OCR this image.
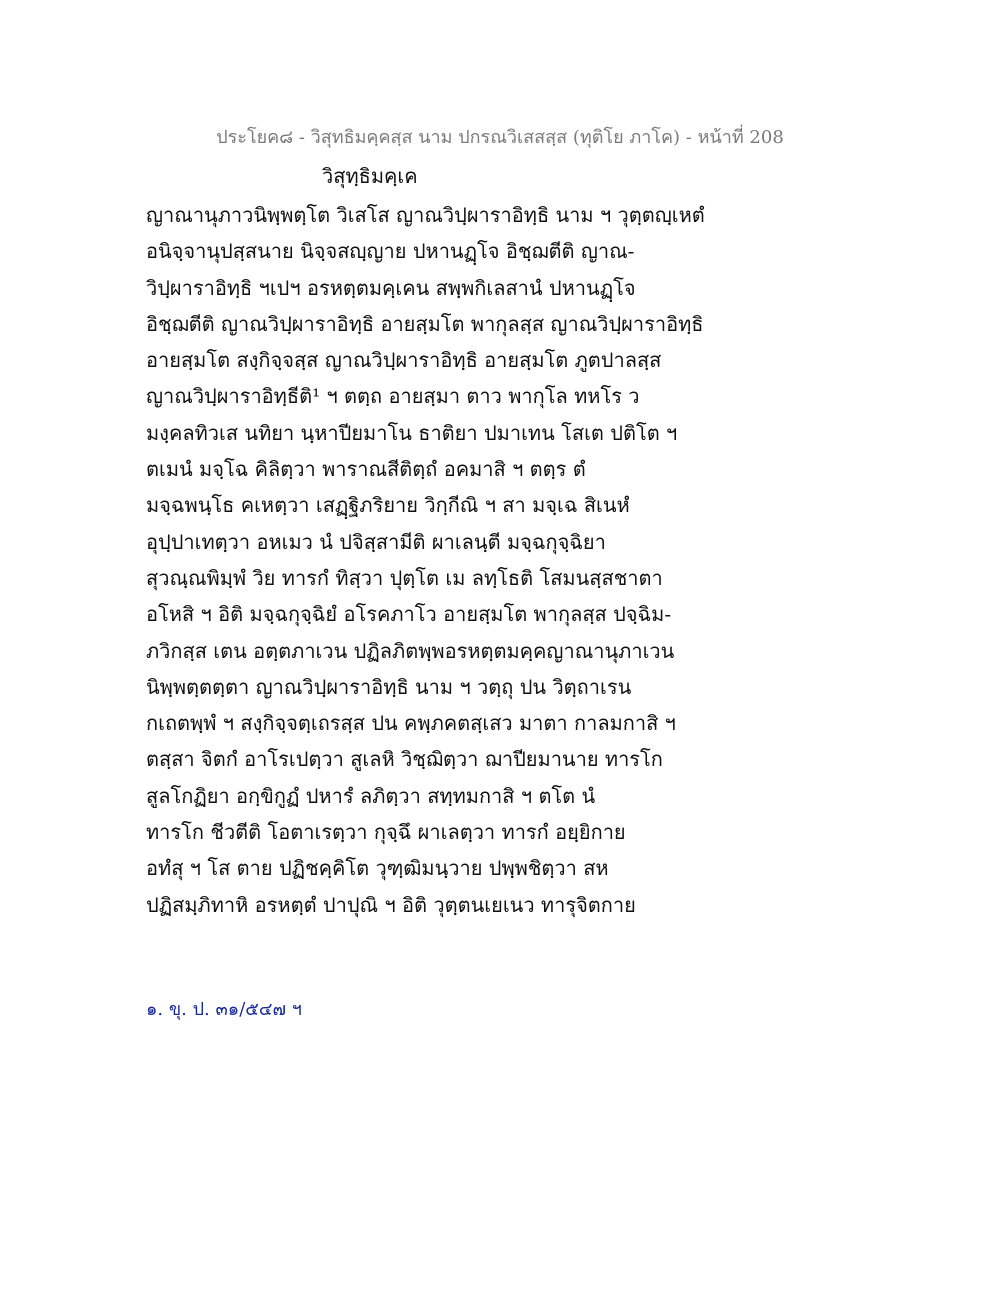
ประโยค๘ - วิสุทธิมคฺคสฺส นาม ปกรณวิเสสสฺส (ทุติโย ภาโค) - หน้าที่ 208
วิสุทฺธิมคฺเค
ญาณานุภาวนิพฺพตฺโต วิเสโส ญาณวิปฺผาราอิทฺธิ นาม ฯ วุตฺตญฺเหตํ
อนิจฺจานุปสฺสนาย นิจฺจสญฺญาย ปหานฏฺโจ อิชฺฌตีติ ญาณ-
วิปฺผาราอิทฺธิ ฯเปฯ อรหตฺตมคฺเคน สพฺพกิเลสานํ ปหานฏฺโจ
อิชฺฌตีติ ญาณวิปฺผาราอิทฺธิ อายสฺมโต พากุลสฺส ญาณวิปฺผาราอิทฺธิ
อายสฺมโต สงฺกิจฺจสฺส ญาณวิปฺผาราอิทฺธิ อายสฺมโต ภูตปาลสฺส
ญาณวิปฺผาราอิทฺธีติ¹ ฯ ตตฺถ อายสฺมา ตาว พากุโล ทหโร ว
มงฺคลทิวเส นทิยา นฺหาปียมาโน ธาติยา ปมาเทน โสเต ปติโต ฯ
ตเมนํ มจฺโฉ คิลิตฺวา พาราณสีติตฺถํ อคมาสิ ฯ ตตฺร ตํ
มจฺฉพนฺโธ คเหตฺวา เสฏฺฐิภริยาย วิกฺกีณิ ฯ สา มจฺเฉ สิเนหํ
อุปฺปาเทตฺวา อหเมว นํ ปจิสฺสามีติ ผาเลนฺตี มจฺฉกุจฺฉิยา
สุวณฺณพิมฺพํ วิย ทารกํ ทิสฺวา ปุตฺโต เม ลทฺโธติ โสมนสฺสชาตา
อโหสิ ฯ อิติ มจฺฉกุจฺฉิยํ อโรคภาโว อายสฺมโต พากุลสฺส ปจฺฉิม-
ภวิกสฺส เตน อตฺตภาเวน ปฏิลภิตพฺพอรหตฺตมคฺคญาณานุภาเวน
นิพฺพตฺตตฺตา ญาณวิปฺผาราอิทฺธิ นาม ฯ วตฺถุ ปน วิตฺถาเรน
กเถตพฺพํ ฯ สงฺกิจฺจตฺเถรสฺส ปน คพฺภคตสฺเสว มาตา กาลมกาสิ ฯ
ตสฺสา จิตกํ อาโรเปตฺวา สูเลหิ วิชฺฌิตฺวา ฌาปียมานาย ทารโก
สูลโกฏิยา อกฺขิกูฏํ ปหารํ ลภิตฺวา สทฺทมกาสิ ฯ ตโต นํ
ทารโก ชีวตีติ โอตาเรตฺวา กุจฺฉึ ผาเลตฺวา ทารกํ อยฺยิกาย
อทํสุ ฯ โส ตาย ปฏิชคฺคิโต วุฑฺฒิมนฺวาย ปพฺพชิตฺวา สห
ปฏิสมฺภิทาหิ อรหตฺตํ ปาปุณิ ฯ อิติ วุตฺตนเยเนว ทารุจิตกาย
๑. ขุ. ป. ๓๑/๕๔๗ ฯ
